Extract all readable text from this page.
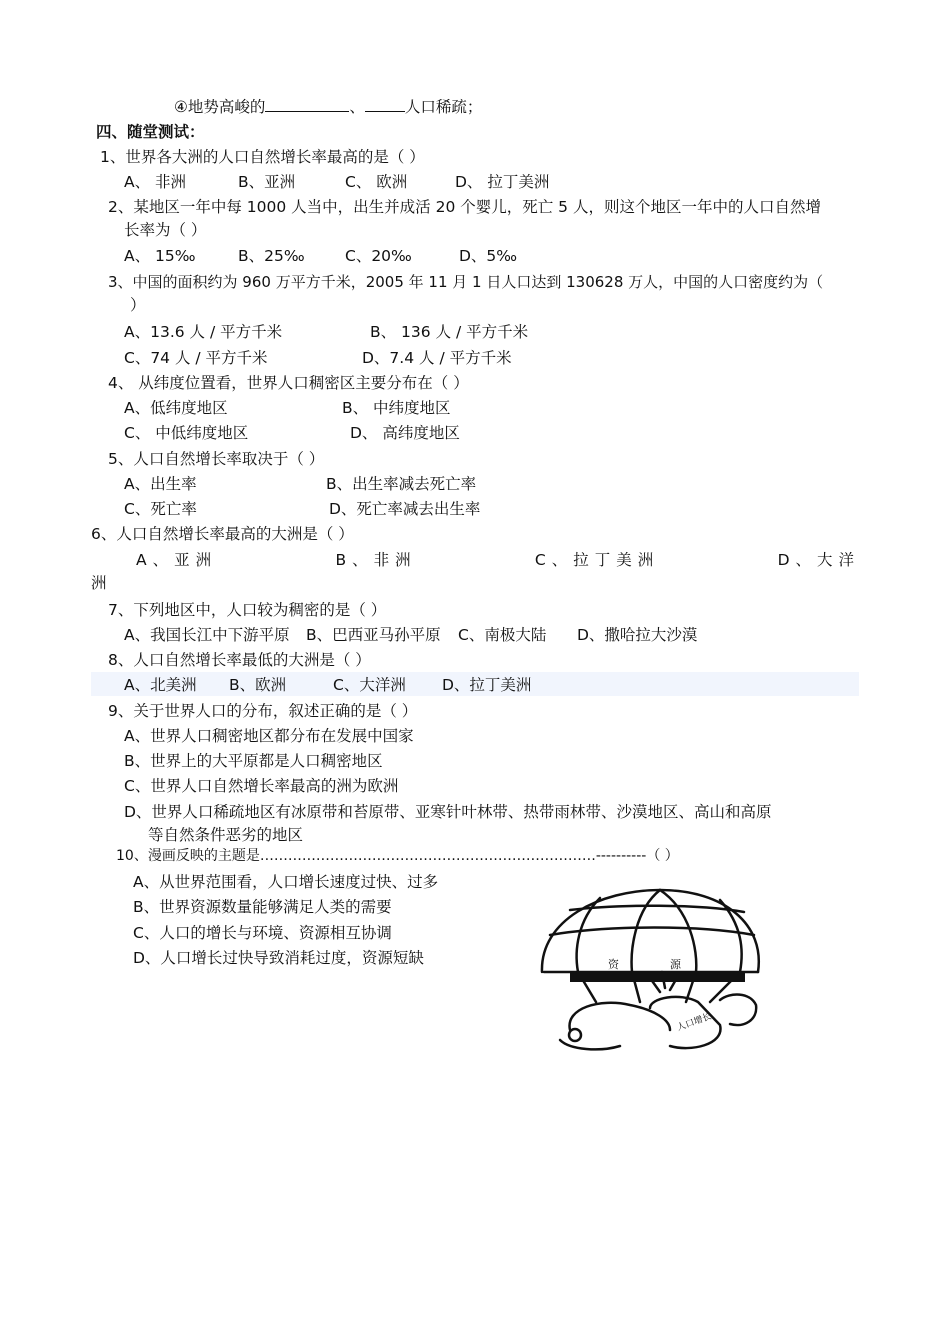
④地势高峻的	、	人口稀疏；
四、随堂测试：
1、世界各大洲的人口自然增长率最高的是（ ）
A、 非洲	B、亚洲	C、 欧洲	D、 拉丁美洲
2、某地区一年中每 1000 人当中，出生并成活 20 个婴儿，死亡 5 人，则这个地区一年中的人口自然增
长率为（ ）
A、 15‰	B、25‰	C、20‰	D、5‰
3、中国的面积约为 960 万平方千米，2005 年 11 月 1 日人口达到 130628 万人，中国的人口密度约为（
）
A、13.6 人 / 平方千米	B、 136 人 / 平方千米
C、74 人 / 平方千米	D、7.4 人 / 平方千米
4、 从纬度位置看，世界人口稠密区主要分布在（ ）
A、低纬度地区	B、 中纬度地区
C、 中低纬度地区	D、 高纬度地区
5、人口自然增长率取决于（ ）
A、出生率	B、出生率减去死亡率
C、死亡率	D、死亡率减去出生率
6、人口自然增长率最高的大洲是（ ）
A、亚洲	B、非洲	C、拉丁美洲	D、大洋
洲
7、下列地区中，人口较为稠密的是（ ）
A、我国长江中下游平原 B、巴西亚马孙平原 C、南极大陆 D、撒哈拉大沙漠
8、人口自然增长率最低的大洲是（ ）
A、北美洲 B、欧洲	C、大洋洲 D、拉丁美洲
9、关于世界人口的分布，叙述正确的是（ ）
A、世界人口稠密地区都分布在发展中国家
B、世界上的大平原都是人口稠密地区
C、世界人口自然增长率最高的洲为欧洲
D、世界人口稀疏地区有冰原带和苔原带、亚寒针叶林带、热带雨林带、沙漠地区、高山和高原
等自然条件恶劣的地区
10、漫画反映的主题是………………………………………………………………----------（ ）
A、从世界范围看，人口增长速度过快、过多
B、世界资源数量能够满足人类的需要
C、人口的增长与环境、资源相互协调
D、人口增长过快导致消耗过度，资源短缺	资	源
人口增长
